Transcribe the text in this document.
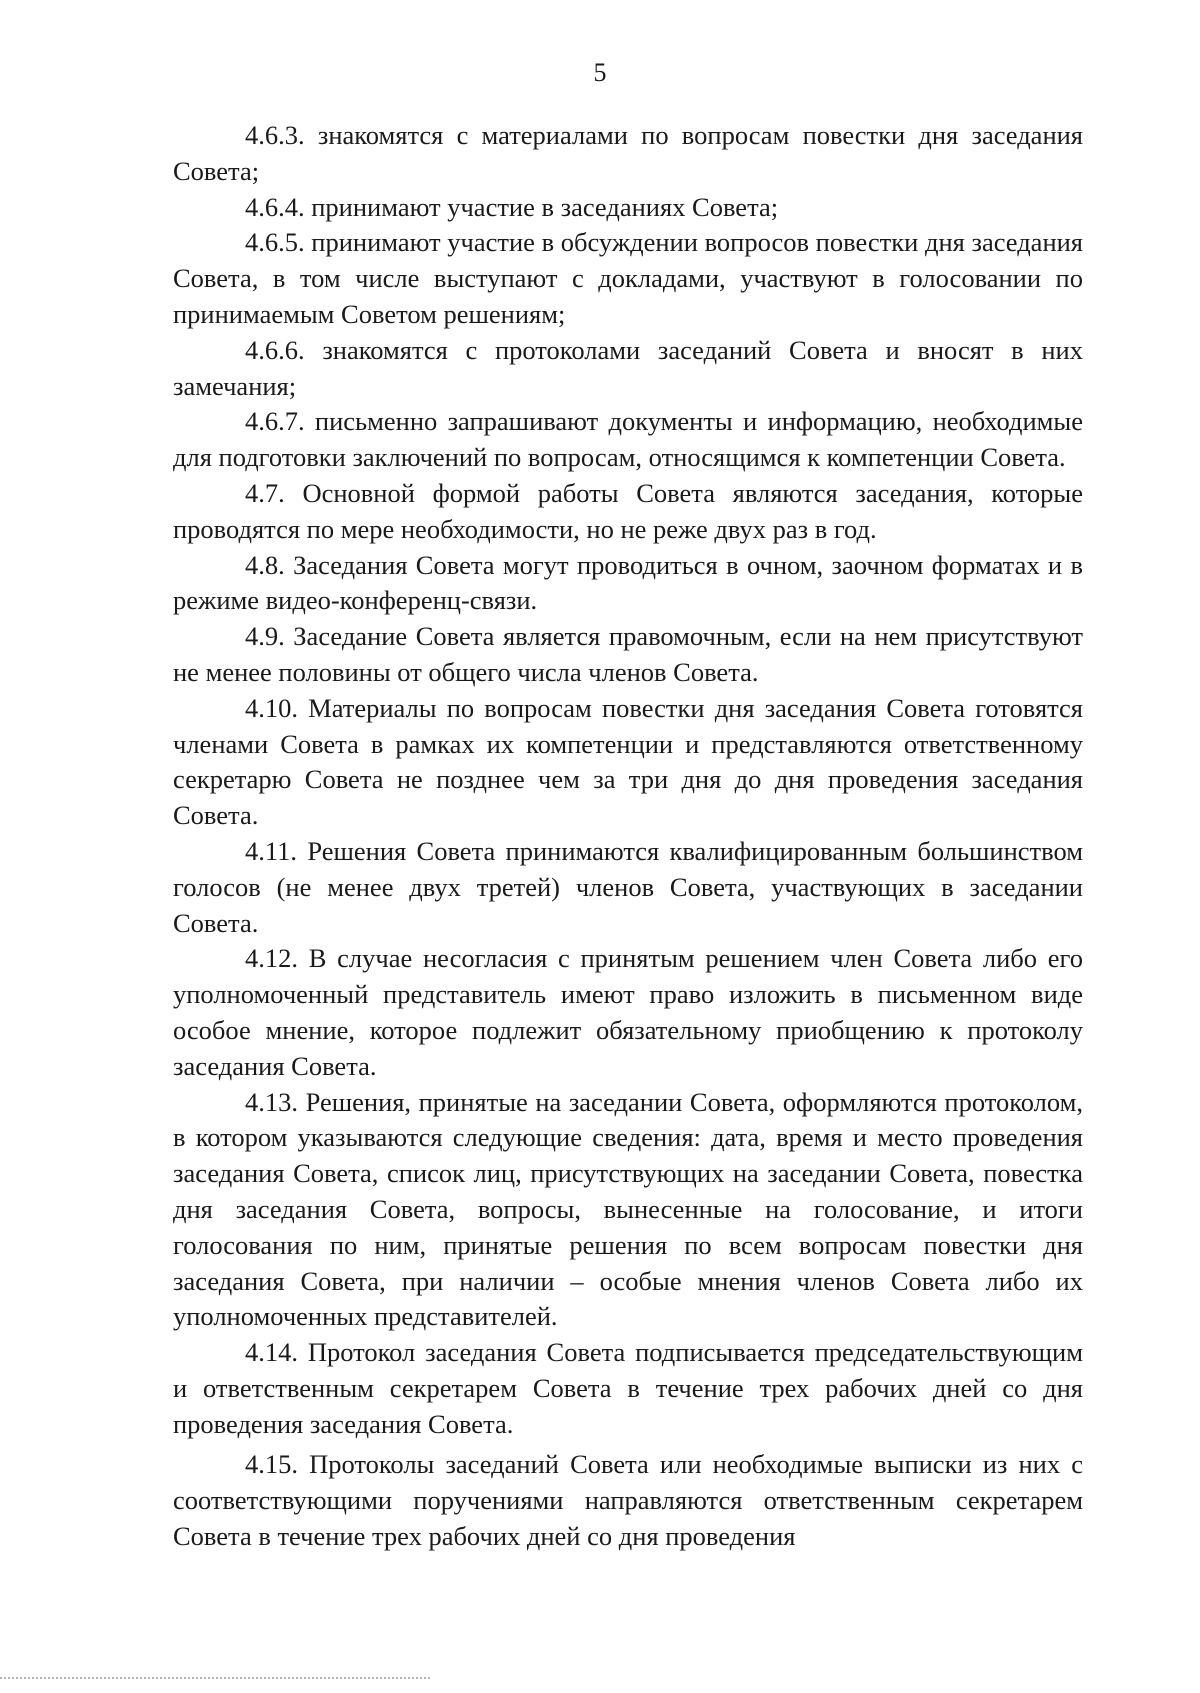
5

4.6.3. знакомятся с материалами по вопросам повестки дня заседания Совета;

4.6.4. принимают участие в заседаниях Совета;

4.6.5. принимают участие в обсуждении вопросов повестки дня заседания Совета, в том числе выступают с докладами, участвуют в голосовании по принимаемым Советом решениям;

4.6.6. знакомятся с протоколами заседаний Совета и вносят в них замечания;

4.6.7. письменно запрашивают документы и информацию, необходимые для подготовки заключений по вопросам, относящимся к компетенции Совета.

4.7. Основной формой работы Совета являются заседания, которые проводятся по мере необходимости, но не реже двух раз в год.

4.8. Заседания Совета могут проводиться в очном, заочном форматах и в режиме видео-конференц-связи.

4.9. Заседание Совета является правомочным, если на нем присутствуют не менее половины от общего числа членов Совета.

4.10. Материалы по вопросам повестки дня заседания Совета готовятся членами Совета в рамках их компетенции и представляются ответственному секретарю Совета не позднее чем за три дня до дня проведения заседания Совета.

4.11. Решения Совета принимаются квалифицированным большинством голосов (не менее двух третей) членов Совета, участвующих в заседании Совета.

4.12. В случае несогласия с принятым решением член Совета либо его уполномоченный представитель имеют право изложить в письменном виде особое мнение, которое подлежит обязательному приобщению к протоколу заседания Совета.

4.13. Решения, принятые на заседании Совета, оформляются протоколом, в котором указываются следующие сведения: дата, время и место проведения заседания Совета, список лиц, присутствующих на заседании Совета, повестка дня заседания Совета, вопросы, вынесенные на голосование, и итоги голосования по ним, принятые решения по всем вопросам повестки дня заседания Совета, при наличии – особые мнения членов Совета либо их уполномоченных представителей.

4.14. Протокол заседания Совета подписывается председательствующим и ответственным секретарем Совета в течение трех рабочих дней со дня проведения заседания Совета.

4.15. Протоколы заседаний Совета или необходимые выписки из них с соответствующими поручениями направляются ответственным секретарем Совета в течение трех рабочих дней со дня проведения
